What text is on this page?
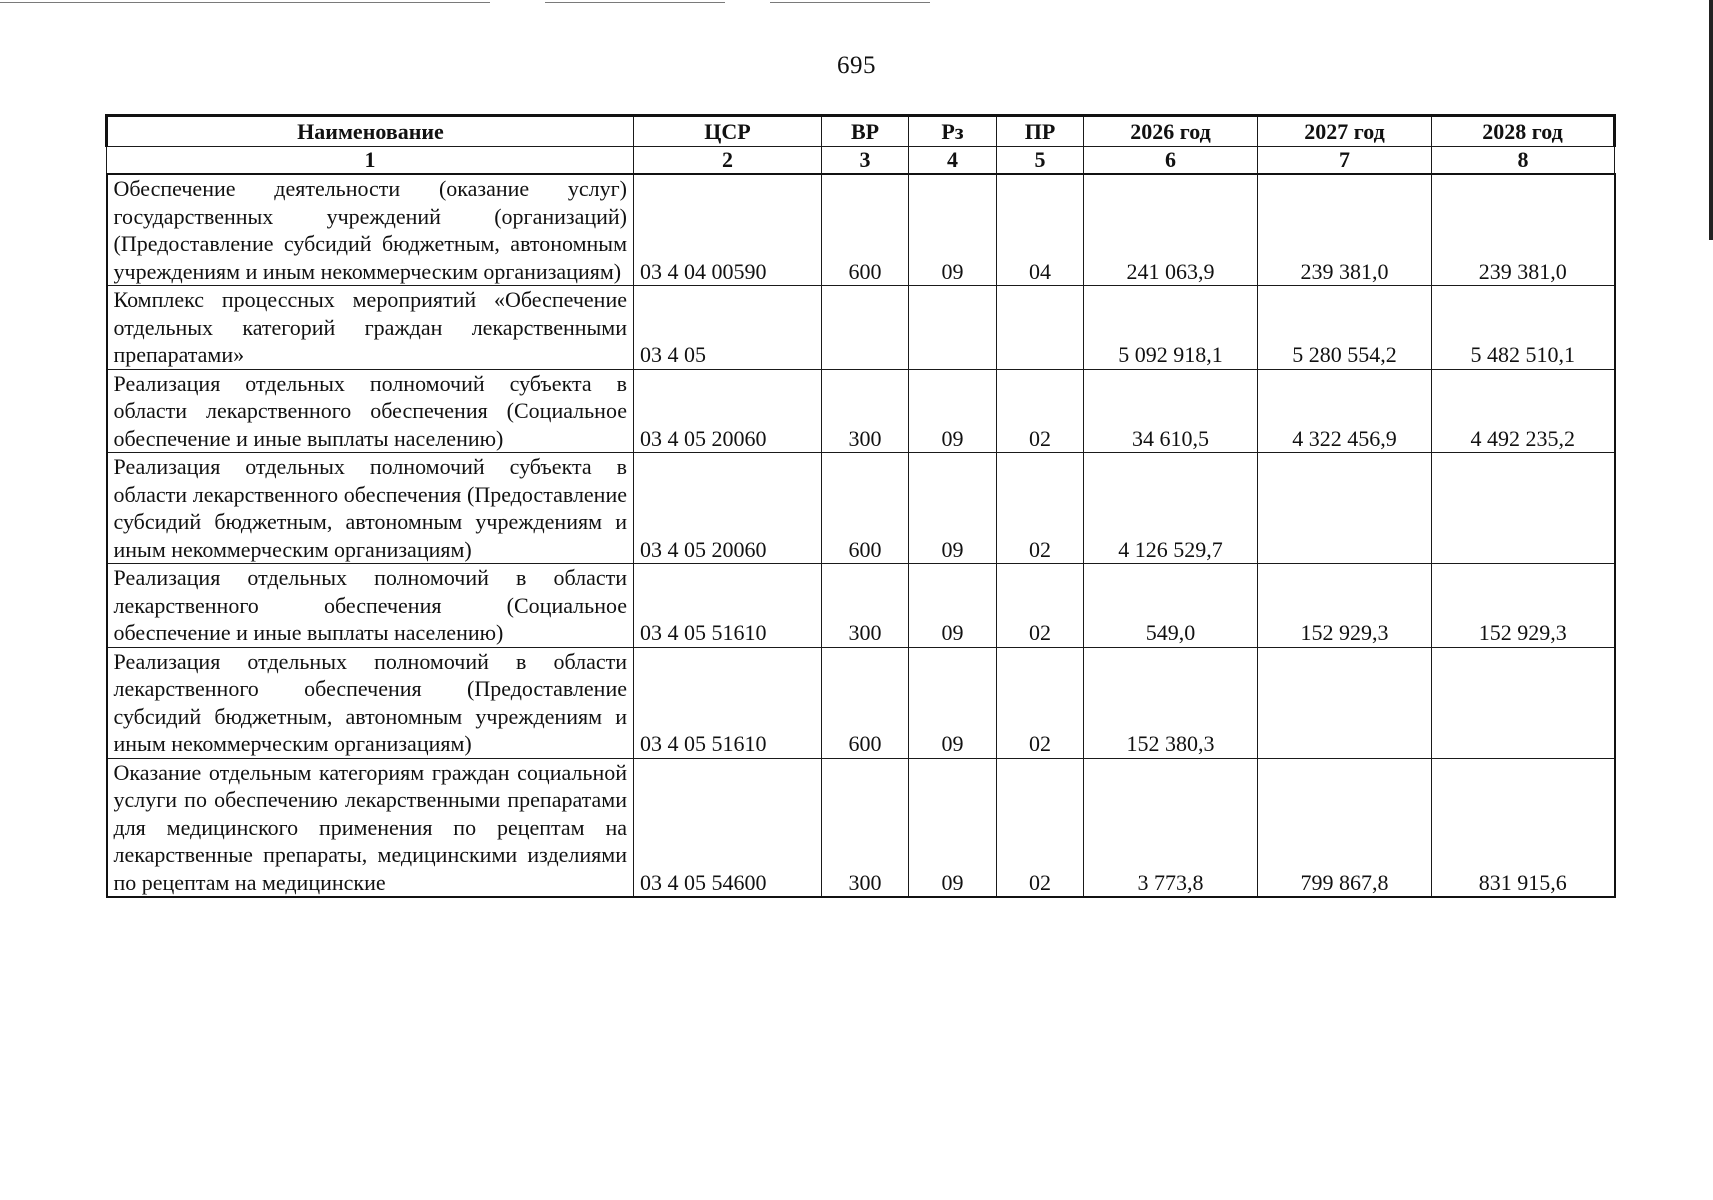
695
Наименование	ЦСР	ВР	Рз	ПР	2026 год	2027 год	2028 год
1	2	3	4	5	6	7	8
Обеспечение деятельности (оказание услуг) государственных учреждений (организаций) (Предоставление субсидий бюджетным, автономным учреждениям и иным некоммерческим организациям)	03 4 04 00590	600	09	04	241 063,9	239 381,0	239 381,0
Комплекс процессных мероприятий «Обеспечение отдельных категорий граждан лекарственными препаратами»	03 4 05				5 092 918,1	5 280 554,2	5 482 510,1
Реализация отдельных полномочий субъекта в области лекарственного обеспечения (Социальное обеспечение и иные выплаты населению)	03 4 05 20060	300	09	02	34 610,5	4 322 456,9	4 492 235,2
Реализация отдельных полномочий субъекта в области лекарственного обеспечения (Предоставление субсидий бюджетным, автономным учреждениям и иным некоммерческим организациям)	03 4 05 20060	600	09	02	4 126 529,7		
Реализация отдельных полномочий в области лекарственного обеспечения (Социальное обеспечение и иные выплаты населению)	03 4 05 51610	300	09	02	549,0	152 929,3	152 929,3
Реализация отдельных полномочий в области лекарственного обеспечения (Предоставление субсидий бюджетным, автономным учреждениям и иным некоммерческим организациям)	03 4 05 51610	600	09	02	152 380,3		
Оказание отдельным категориям граждан социальной услуги по обеспечению лекарственными препаратами для медицинского применения по рецептам на лекарственные препараты, медицинскими изделиями по рецептам на медицинские	03 4 05 54600	300	09	02	3 773,8	799 867,8	831 915,6
